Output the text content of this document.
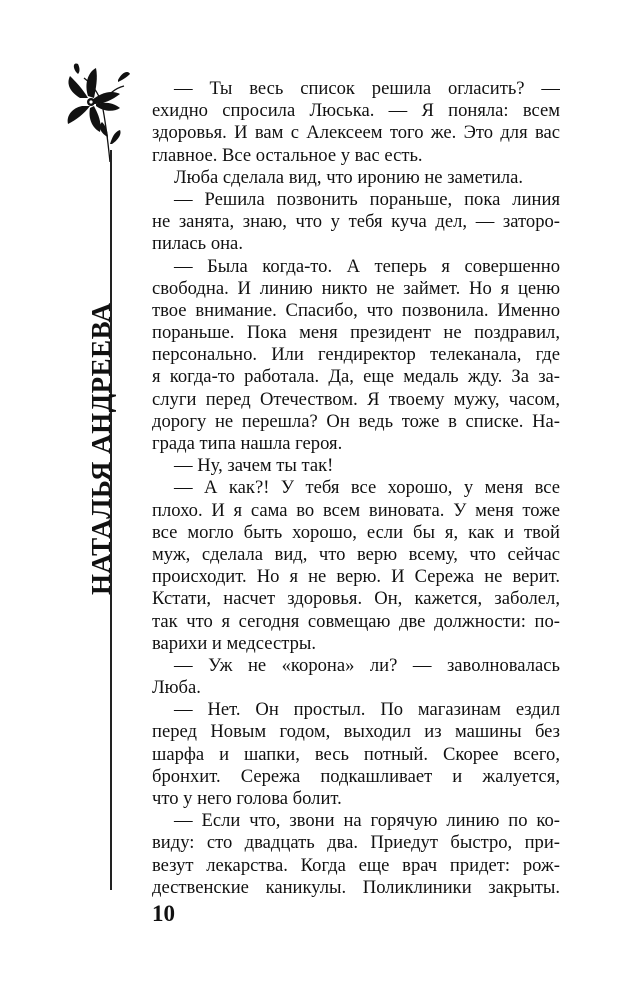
НАТАЛЬЯ АНДРЕЕВА
— Ты весь список решила огласить? —
ехидно спросила Люська. — Я поняла: всем
здоровья. И вам с Алексеем того же. Это для вас
главное. Все остальное у вас есть.
Люба сделала вид, что иронию не заметила.
— Решила позвонить пораньше, пока линия
не занята, знаю, что у тебя куча дел, — заторо-
пилась она.
— Была когда-то. А теперь я совершенно
свободна. И линию никто не займет. Но я ценю
твое внимание. Спасибо, что позвонила. Именно
пораньше. Пока меня президент не поздравил,
персонально. Или гендиректор телеканала, где
я когда-то работала. Да, еще медаль жду. За за-
слуги перед Отечеством. Я твоему мужу, часом,
дорогу не перешла? Он ведь тоже в списке. На-
града типа нашла героя.
— Ну, зачем ты так!
— А как?! У тебя все хорошо, у меня все
плохо. И я сама во всем виновата. У меня тоже
все могло быть хорошо, если бы я, как и твой
муж, сделала вид, что верю всему, что сейчас
происходит. Но я не верю. И Сережа не верит.
Кстати, насчет здоровья. Он, кажется, заболел,
так что я сегодня совмещаю две должности: по-
варихи и медсестры.
— Уж не «корона» ли? — заволновалась
Люба.
— Нет. Он простыл. По магазинам ездил
перед Новым годом, выходил из машины без
шарфа и шапки, весь потный. Скорее всего,
бронхит. Сережа подкашливает и жалуется,
что у него голова болит.
— Если что, звони на горячую линию по ко-
виду: сто двадцать два. Приедут быстро, при-
везут лекарства. Когда еще врач придет: рож-
дественские каникулы. Поликлиники закрыты.
10
